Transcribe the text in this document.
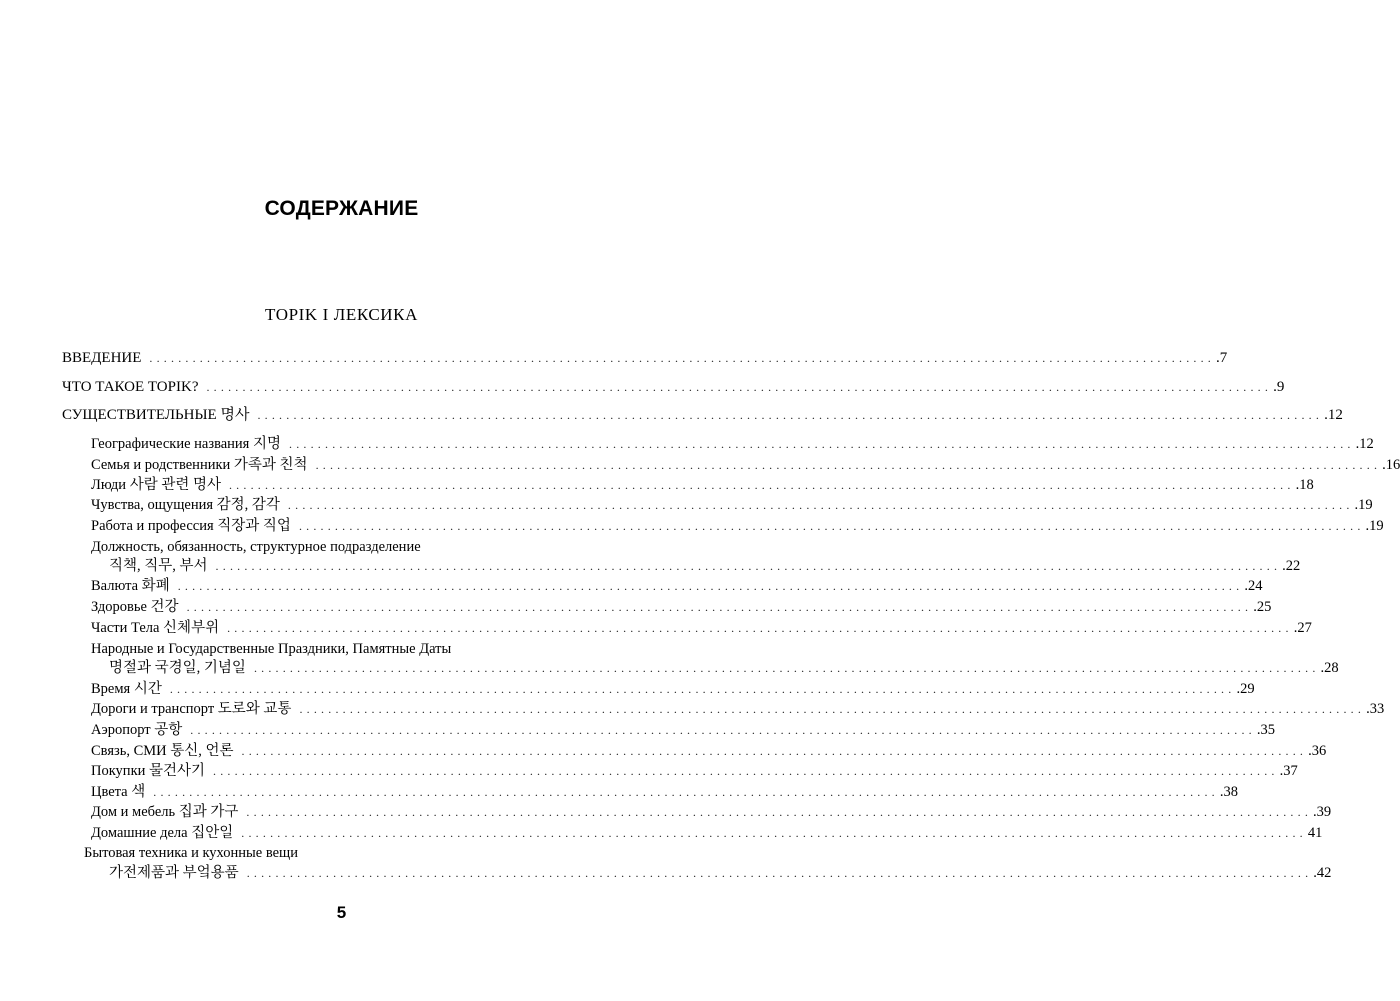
СОДЕРЖАНИЕ
TOPIK I ЛЕКСИКА
ВВЕДЕНИЕ .................................................................................................................................................... .7
ЧТО ТАКОЕ TOPIK? .................................................................................................................................................... .9
СУЩЕСТВИТЕЛЬНЫЕ 명사 .................................................................................................................................................... .12
Географические названия 지명 .................................................................................................................................................... .12
Семья и родственники 가족과 친척 .................................................................................................................................................... .16
Люди 사람 관련 명사 .................................................................................................................................................... .18
Чувства, ощущения 감정, 감각 .................................................................................................................................................... .19
Работа и профессия 직장과 직업 .................................................................................................................................................... .19
Должность, обязанность, структурное подразделение
직책, 직무, 부서 .................................................................................................................................................... .22
Валюта 화폐 .................................................................................................................................................... .24
Здоровье 건강 .................................................................................................................................................... .25
Части Тела 신체부위 .................................................................................................................................................... .27
Народные и Государственные Праздники, Памятные Даты
명절과 국경일, 기념일 .................................................................................................................................................... .28
Время 시간 .................................................................................................................................................... .29
Дороги и транспорт 도로와 교통 .................................................................................................................................................... .33
Аэропорт 공항 .................................................................................................................................................... .35
Связь, СМИ 통신, 언론 .................................................................................................................................................... .36
Покупки 물건사기 .................................................................................................................................................... .37
Цвета 색 .................................................................................................................................................... .38
Дом и мебель 집과 가구 .................................................................................................................................................... .39
Домашние дела 집안일 .................................................................................................................................................... 41
Бытовая техника и кухонные вещи
가전제품과 부엌용품 .................................................................................................................................................... .42
5
